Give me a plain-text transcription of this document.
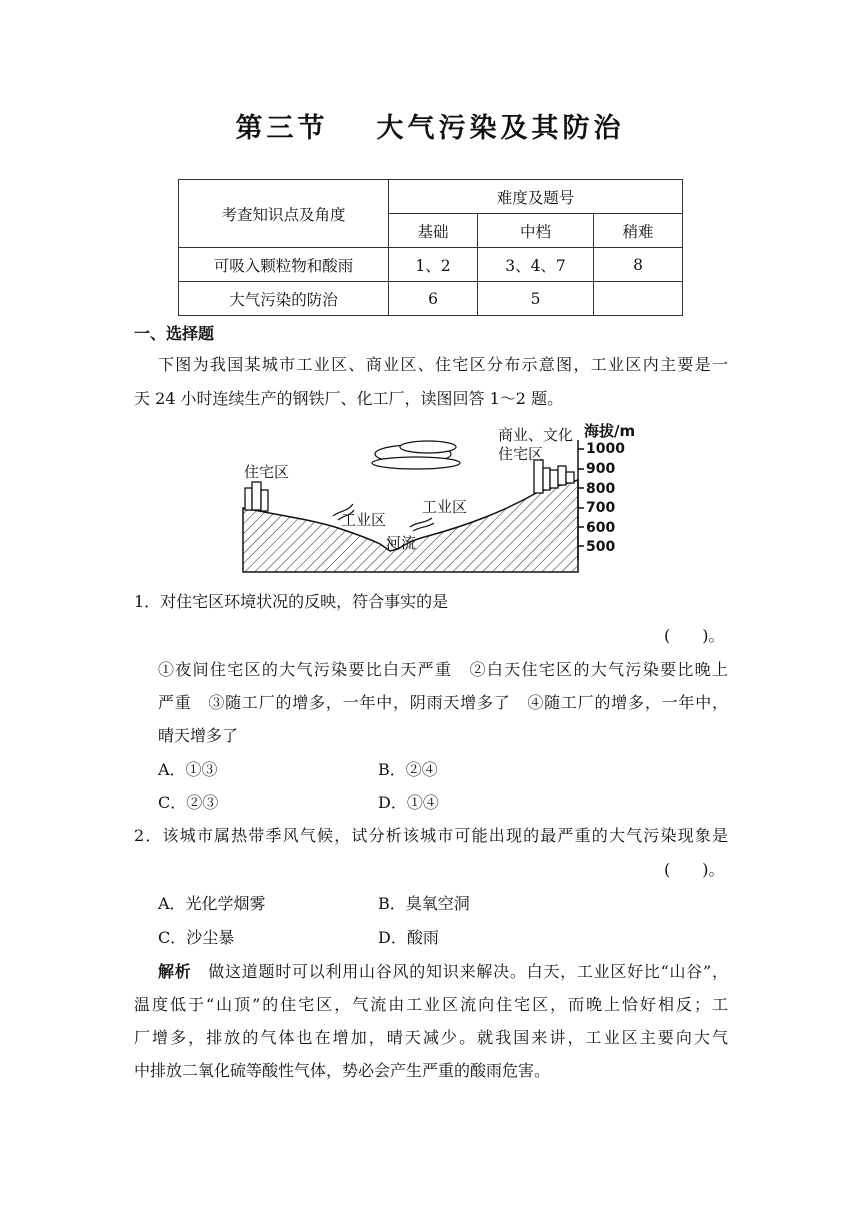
第三节 大气污染及其防治
考查知识点及角度	难度及题号		
	基础	中档	稍难
可吸入颗粒物和酸雨	1、2	3、4、7	8
大气污染的防治	6	5	
一、选择题
下图为我国某城市工业区、商业区、住宅区分布示意图，工业区内主要是一
天 24 小时连续生产的钢铁厂、化工厂，读图回答 1～2 题。
住宅区
商业、文化
住宅区
工业区
工业区
河流
海拔/m
1000
900
800
700
600
500
1．对住宅区环境状况的反映，符合事实的是
(　　)。
①夜间住宅区的大气污染要比白天严重　②白天住宅区的大气污染要比晚上
严重　③随工厂的增多，一年中，阴雨天增多了　④随工厂的增多，一年中，
晴天增多了
A．①③	B．②④
C．②③	D．①④
2．该城市属热带季风气候，试分析该城市可能出现的最严重的大气污染现象是
(　　)。
A．光化学烟雾	B．臭氧空洞
C．沙尘暴	D．酸雨
解析　做这道题时可以利用山谷风的知识来解决。白天，工业区好比“山谷”，
温度低于“山顶”的住宅区，气流由工业区流向住宅区，而晚上恰好相反；工
厂增多，排放的气体也在增加，晴天减少。就我国来讲，工业区主要向大气
中排放二氧化硫等酸性气体，势必会产生严重的酸雨危害。
